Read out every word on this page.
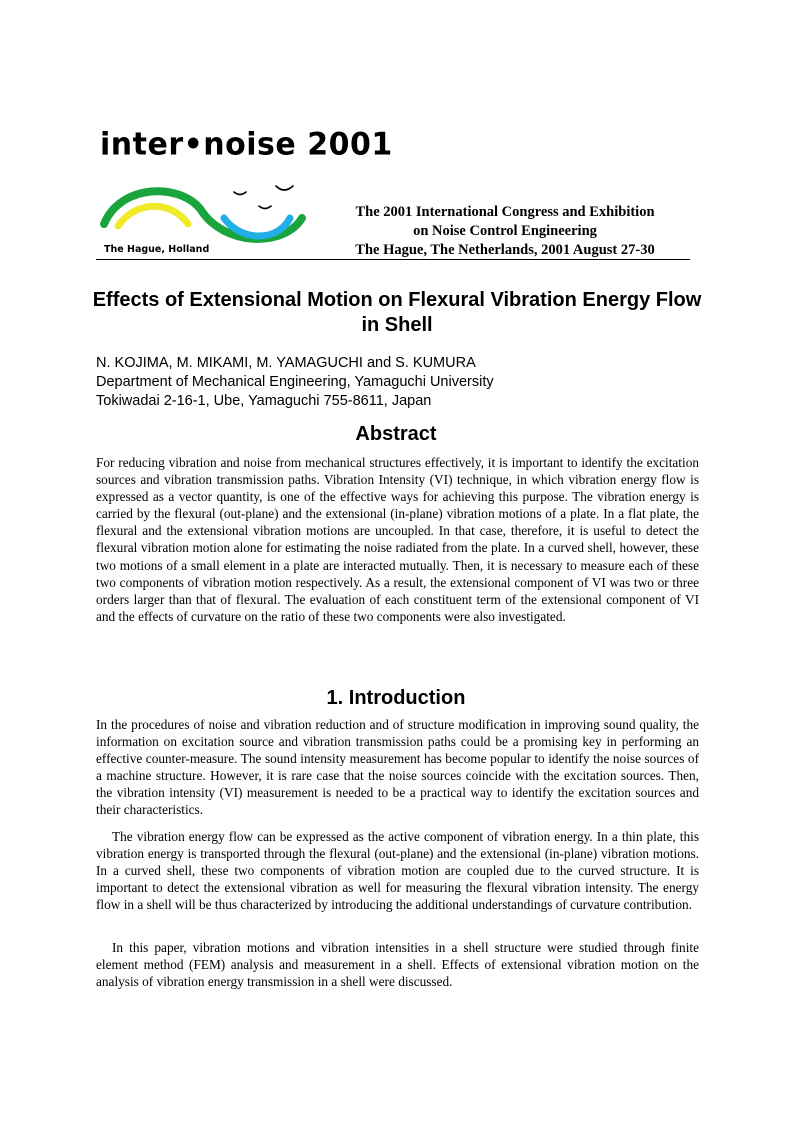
inter•noise 2001
The Hague, Holland
The 2001 International Congress and Exhibition
on Noise Control Engineering
The Hague, The Netherlands, 2001 August 27-30
Effects of Extensional Motion on Flexural Vibration Energy Flow in Shell
N. KOJIMA, M. MIKAMI, M. YAMAGUCHI and S. KUMURA
Department of Mechanical Engineering, Yamaguchi University
Tokiwadai 2-16-1, Ube, Yamaguchi 755-8611, Japan
Abstract

For reducing vibration and noise from mechanical structures effectively, it is important to identify the excitation sources and vibration transmission paths. Vibration Intensity (VI) technique, in which vibration energy flow is expressed as a vector quantity, is one of the effective ways for achieving this purpose. The vibration energy is carried by the flexural (out-plane) and the extensional (in-plane) vibration motions of a plate. In a flat plate, the flexural and the extensional vibration motions are uncoupled. In that case, therefore, it is useful to detect the flexural vibration motion alone for estimating the noise radiated from the plate. In a curved shell, however, these two motions of a small element in a plate are interacted mutually. Then, it is necessary to measure each of these two components of vibration motion respectively. As a result, the extensional component of VI was two or three orders larger than that of flexural. The evaluation of each constituent term of the extensional component of VI and the effects of curvature on the ratio of these two components were also investigated.

1. Introduction

In the procedures of noise and vibration reduction and of structure modification in improving sound quality, the information on excitation source and vibration transmission paths could be a promising key in performing an effective counter-measure. The sound intensity measurement has become popular to identify the noise sources of a machine structure. However, it is rare case that the noise sources coincide with the excitation sources. Then, the vibration intensity (VI) measurement is needed to be a practical way to identify the excitation sources and their characteristics.

The vibration energy flow can be expressed as the active component of vibration energy. In a thin plate, this vibration energy is transported through the flexural (out-plane) and the extensional (in-plane) vibration motions. In a curved shell, these two components of vibration motion are coupled due to the curved structure. It is important to detect the extensional vibration as well for measuring the flexural vibration intensity. The energy flow in a shell will be thus characterized by introducing the additional understandings of curvature contribution.

In this paper, vibration motions and vibration intensities in a shell structure were studied through finite element method (FEM) analysis and measurement in a shell. Effects of extensional vibration motion on the analysis of vibration energy transmission in a shell were discussed.
